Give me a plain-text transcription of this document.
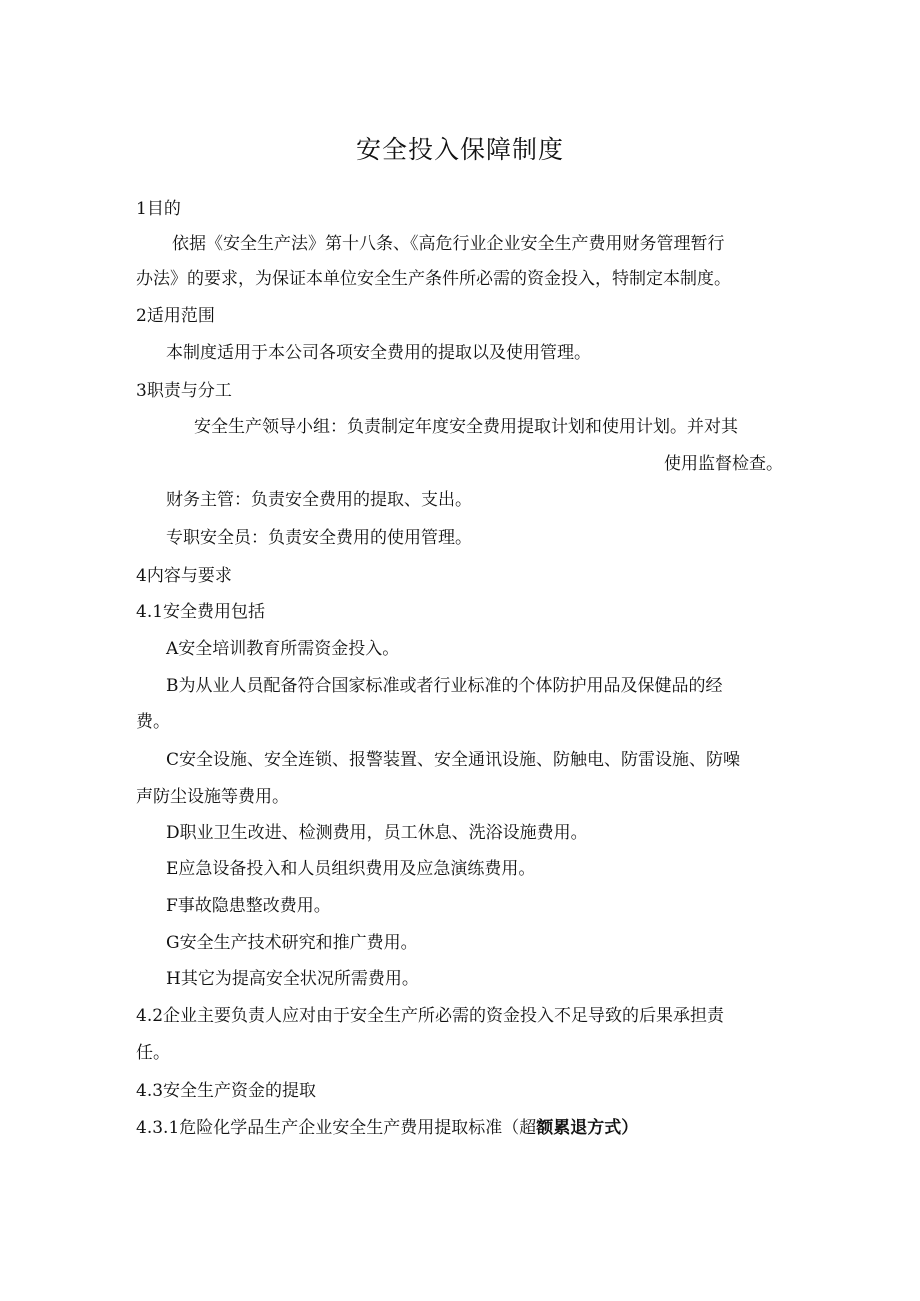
安全投入保障制度
1目的
依据《安全生产法》第十八条、《高危行业企业安全生产费用财务管理暂行
办法》的要求，为保证本单位安全生产条件所必需的资金投入，特制定本制度。
2适用范围
本制度适用于本公司各项安全费用的提取以及使用管理。
3职责与分工
安全生产领导小组：负责制定年度安全费用提取计划和使用计划。并对其
使用监督检查。
财务主管：负责安全费用的提取、支出。
专职安全员：负责安全费用的使用管理。
4内容与要求
4.1安全费用包括
A安全培训教育所需资金投入。
B为从业人员配备符合国家标准或者行业标准的个体防护用品及保健品的经
费。
C安全设施、安全连锁、报警装置、安全通讯设施、防触电、防雷设施、防噪
声防尘设施等费用。
D职业卫生改进、检测费用，员工休息、洗浴设施费用。
E应急设备投入和人员组织费用及应急演练费用。
F事故隐患整改费用。
G安全生产技术研究和推广费用。
H其它为提高安全状况所需费用。
4.2企业主要负责人应对由于安全生产所必需的资金投入不足导致的后果承担责
任。
4.3安全生产资金的提取
4.3.1危险化学品生产企业安全生产费用提取标准（超额累退方式）
